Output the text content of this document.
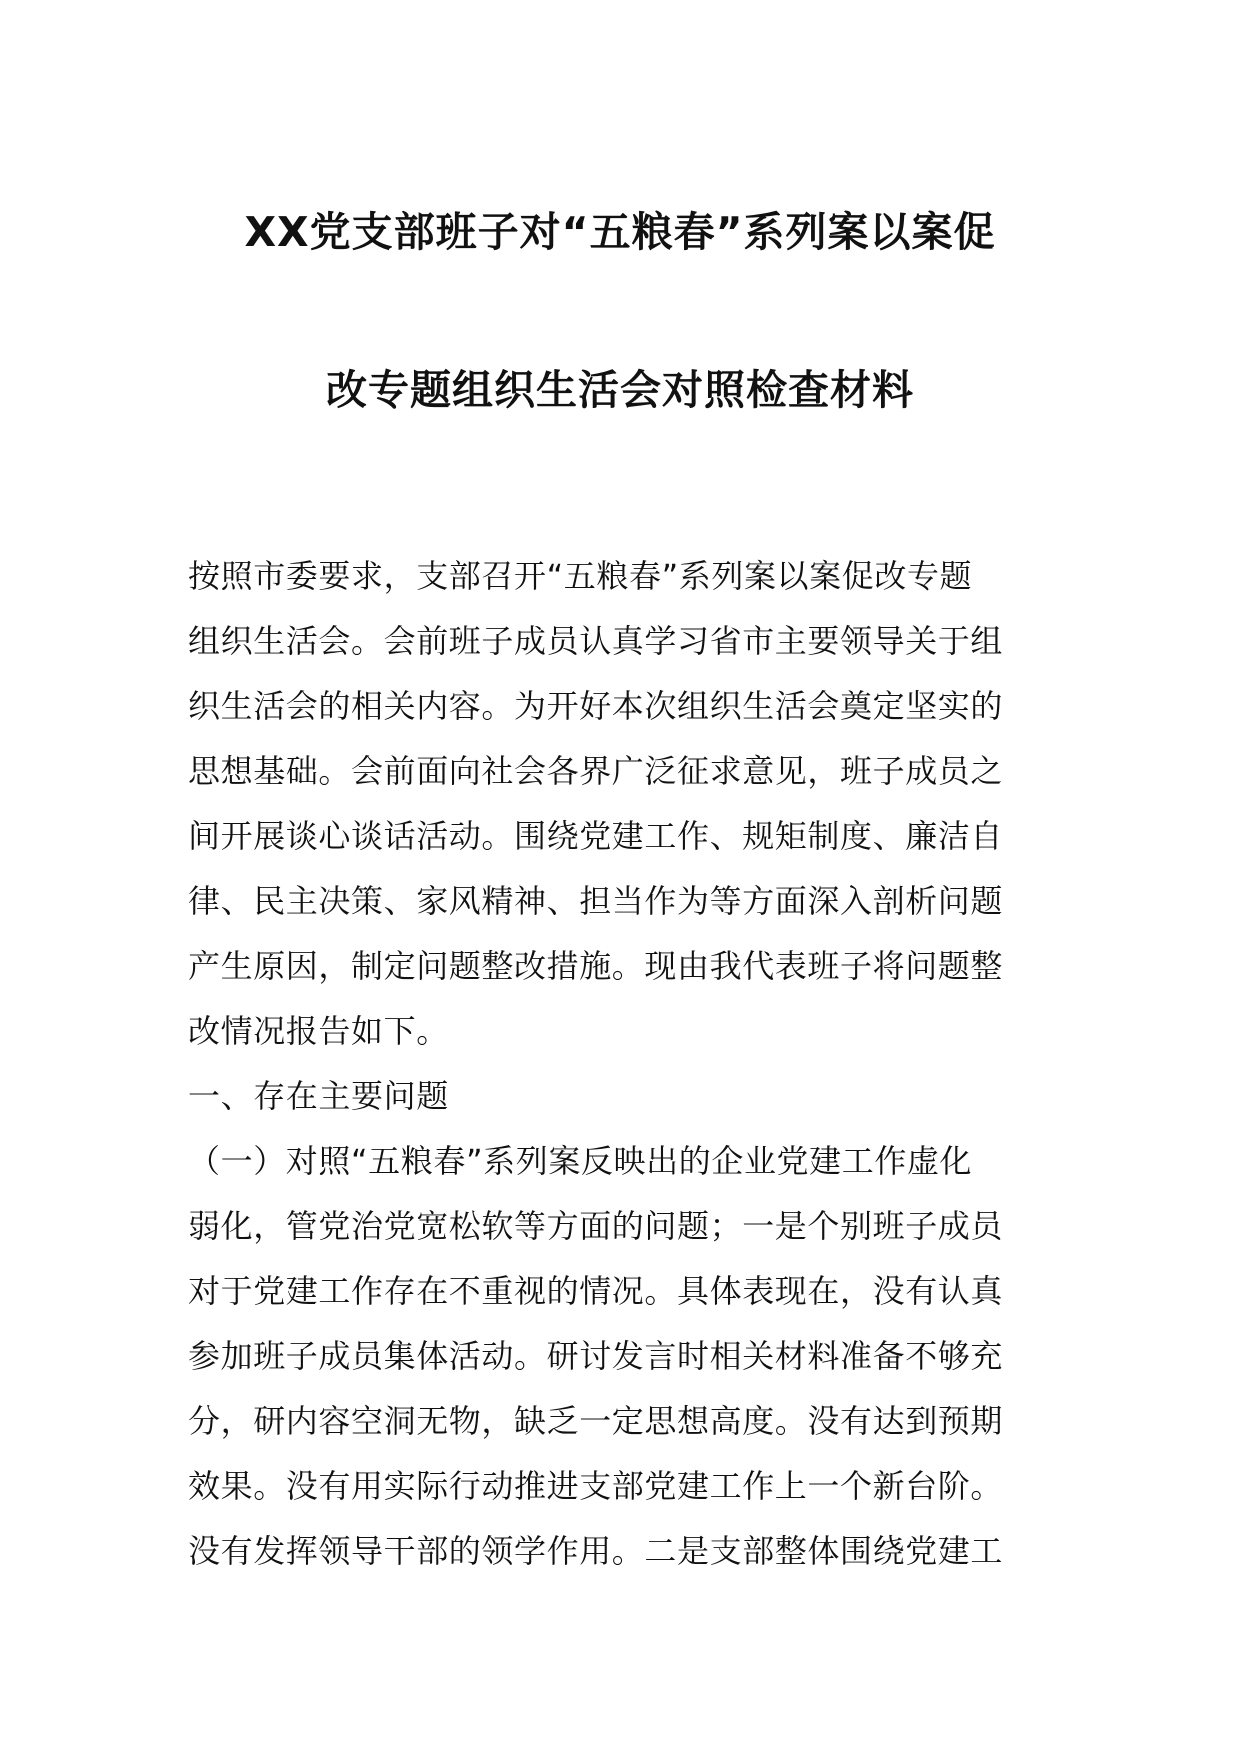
XX党支部班子对“五粮春”系列案以案促
改专题组织生活会对照检查材料
按照市委要求，支部召开“五粮春”系列案以案促改专题
组织生活会。会前班子成员认真学习省市主要领导关于组
织生活会的相关内容。为开好本次组织生活会奠定坚实的
思想基础。会前面向社会各界广泛征求意见，班子成员之
间开展谈心谈话活动。围绕党建工作、规矩制度、廉洁自
律、民主决策、家风精神、担当作为等方面深入剖析问题
产生原因，制定问题整改措施。现由我代表班子将问题整
改情况报告如下。
一、存在主要问题
（一）对照“五粮春”系列案反映出的企业党建工作虚化
弱化，管党治党宽松软等方面的问题；一是个别班子成员
对于党建工作存在不重视的情况。具体表现在，没有认真
参加班子成员集体活动。研讨发言时相关材料准备不够充
分，研内容空洞无物，缺乏一定思想高度。没有达到预期
效果。没有用实际行动推进支部党建工作上一个新台阶。
没有发挥领导干部的领学作用。二是支部整体围绕党建工
